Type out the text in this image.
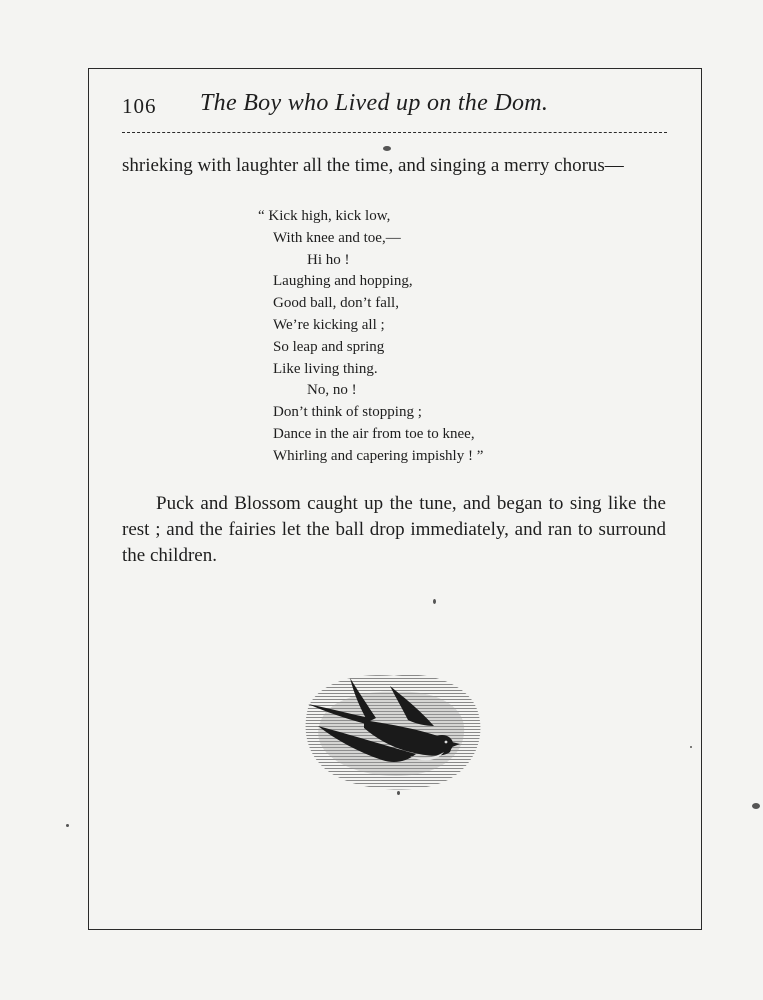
106 The Boy who Lived up on the Dom.

shrieking with laughter all the time, and singing a merry chorus—

“ Kick high, kick low,
With knee and toe,—
Hi ho !
Laughing and hopping,
Good ball, don’t fall,
We’re kicking all ;
So leap and spring
Like living thing.
No, no !
Don’t think of stopping ;
Dance in the air from toe to knee,
Whirling and capering impishly ! ”

Puck and Blossom caught up the tune, and began to sing like the rest ; and the fairies let the ball drop immediately, and ran to surround the children.
